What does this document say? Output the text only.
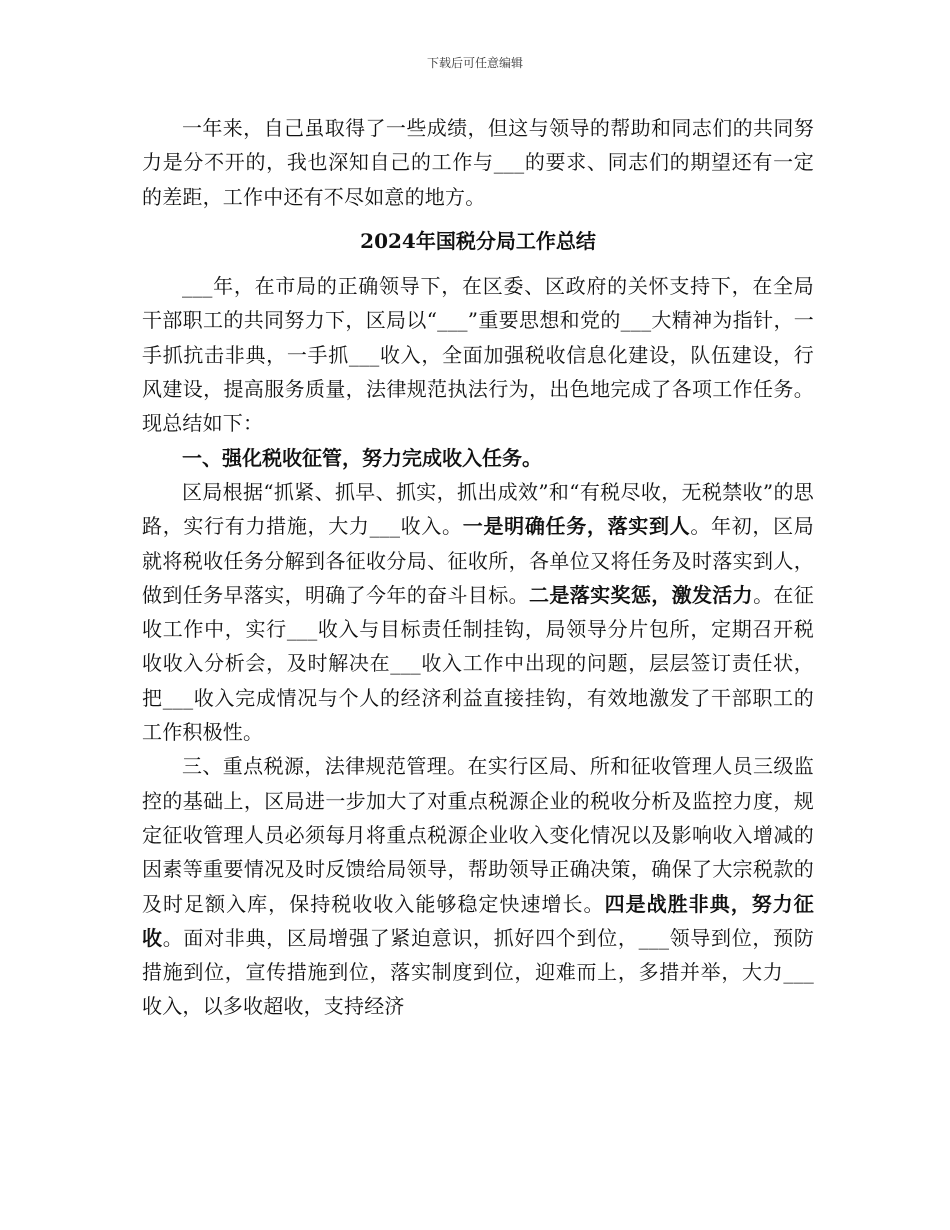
下载后可任意编辑

一年来，自己虽取得了一些成绩，但这与领导的帮助和同志们的共同努力是分不开的，我也深知自己的工作与___的要求、同志们的期望还有一定的差距，工作中还有不尽如意的地方。

2024年国税分局工作总结

___年，在市局的正确领导下，在区委、区政府的关怀支持下，在全局干部职工的共同努力下，区局以“___”重要思想和党的___大精神为指针，一手抓抗击非典，一手抓___收入，全面加强税收信息化建设，队伍建设，行风建设，提高服务质量，法律规范执法行为，出色地完成了各项工作任务。现总结如下：

一、强化税收征管，努力完成收入任务。

区局根据“抓紧、抓早、抓实，抓出成效”和“有税尽收，无税禁收”的思路，实行有力措施，大力___收入。一是明确任务，落实到人。年初，区局就将税收任务分解到各征收分局、征收所，各单位又将任务及时落实到人，做到任务早落实，明确了今年的奋斗目标。二是落实奖惩，激发活力。在征收工作中，实行___收入与目标责任制挂钩，局领导分片包所，定期召开税收收入分析会，及时解决在___收入工作中出现的问题，层层签订责任状，把___收入完成情况与个人的经济利益直接挂钩，有效地激发了干部职工的工作积极性。

三、重点税源，法律规范管理。在实行区局、所和征收管理人员三级监控的基础上，区局进一步加大了对重点税源企业的税收分析及监控力度，规定征收管理人员必须每月将重点税源企业收入变化情况以及影响收入增减的因素等重要情况及时反馈给局领导，帮助领导正确决策，确保了大宗税款的及时足额入库，保持税收收入能够稳定快速增长。四是战胜非典，努力征收。面对非典，区局增强了紧迫意识，抓好四个到位，___领导到位，预防措施到位，宣传措施到位，落实制度到位，迎难而上，多措并举，大力___收入，以多收超收，支持经济
